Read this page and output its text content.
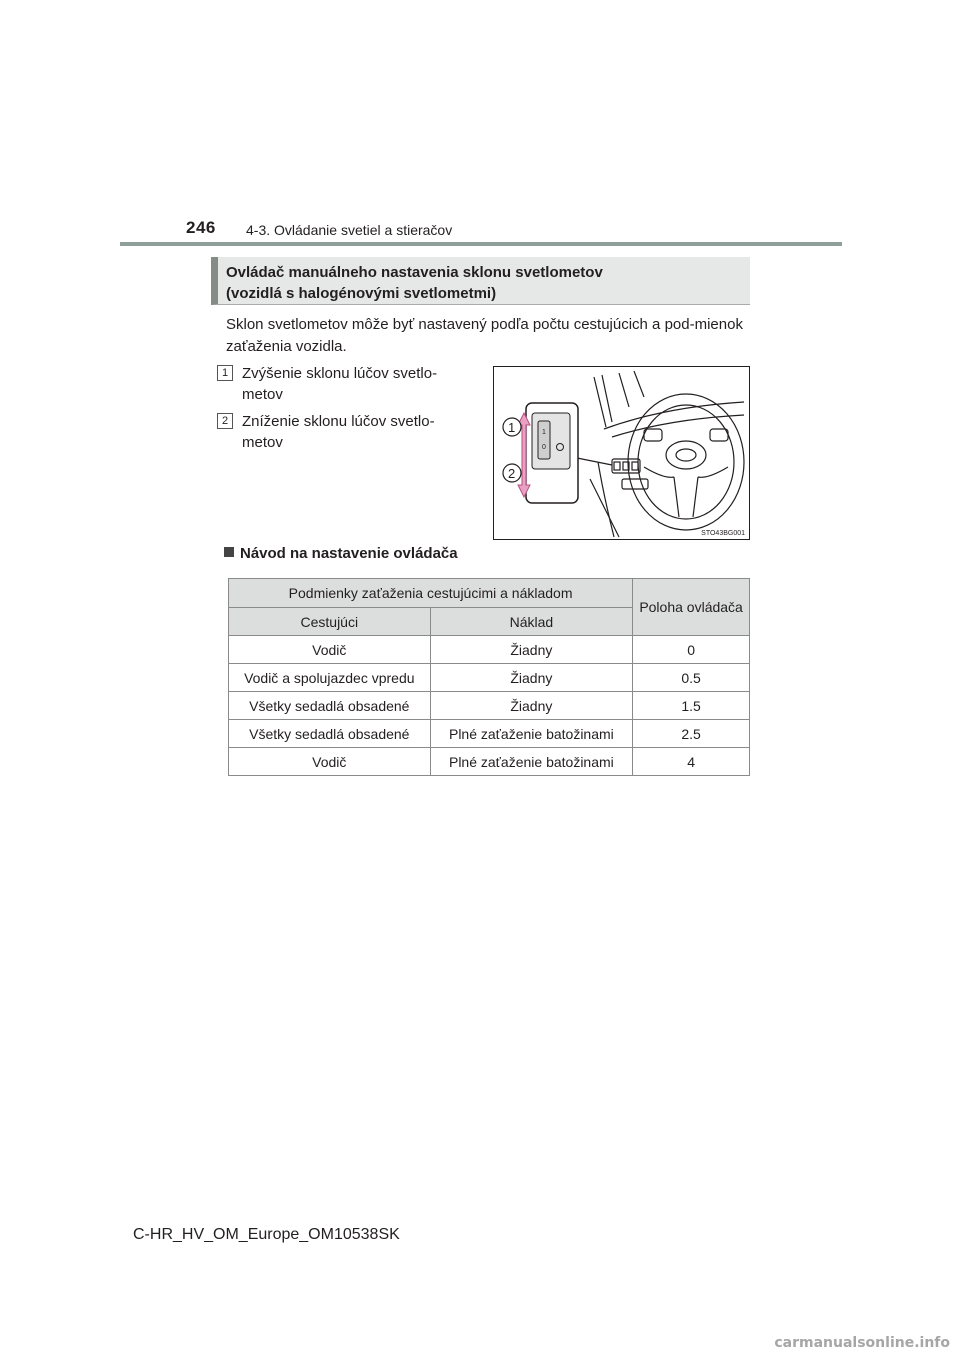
246 4-3. Ovládanie svetiel a stieračov
Ovládač manuálneho nastavenia sklonu svetlometov
(vozidlá s halogénovými svetlometmi)
Sklon svetlometov môže byť nastavený podľa počtu cestujúcich a pod-mienok zaťaženia vozidla.
1 Zvýšenie sklonu lúčov svetlo-metov
2 Zníženie sklonu lúčov svetlo-metov
1
0
1
2
STO43BG001
Návod na nastavenie ovládača
Podmienky zaťaženia cestujúcimi a nákladom		Poloha ovládača
Cestujúci	Náklad	
Vodič	Žiadny	0
Vodič a spolujazdec vpredu	Žiadny	0.5
Všetky sedadlá obsadené	Žiadny	1.5
Všetky sedadlá obsadené	Plné zaťaženie batožinami	2.5
Vodič	Plné zaťaženie batožinami	4
C-HR_HV_OM_Europe_OM10538SK
carmanualsonline.info
